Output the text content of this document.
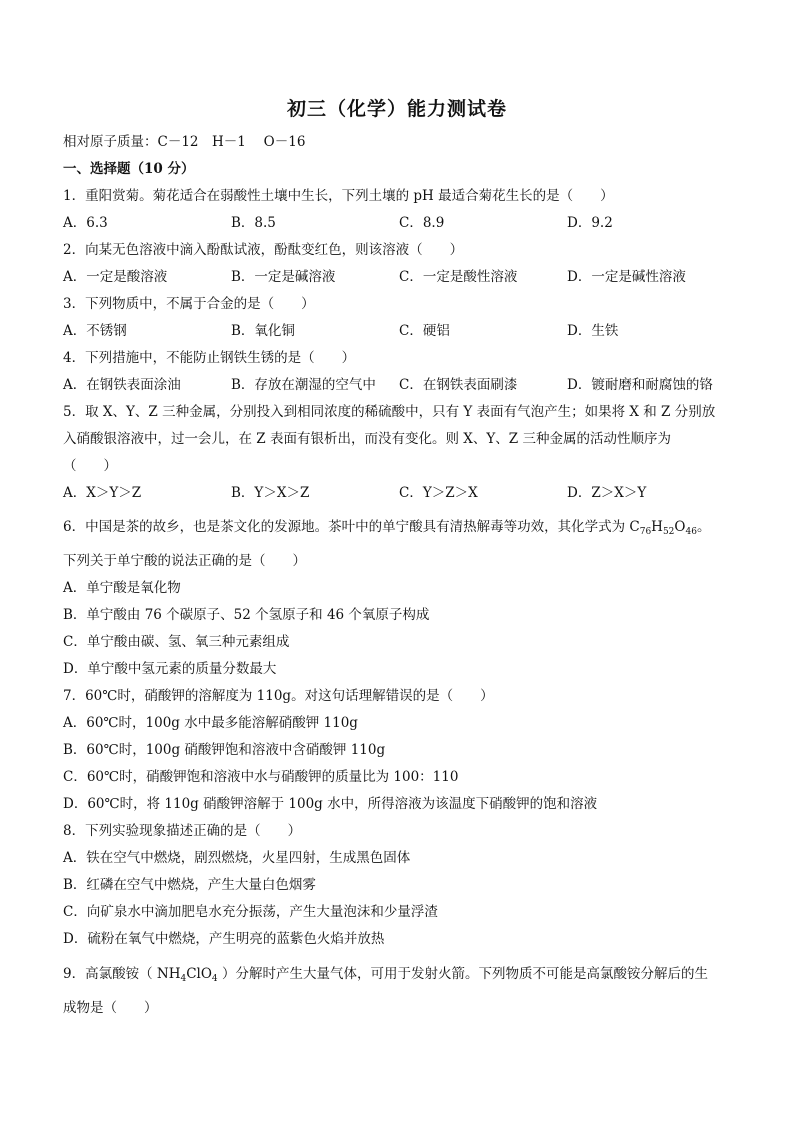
初三（化学）能力测试卷
相对原子质量：C－12　H－1　 O－16
一、选择题（10 分）
1．重阳赏菊。菊花适合在弱酸性土壤中生长，下列土壤的 pH 最适合菊花生长的是（　　）
A．6.3	B．8.5	C．8.9	D．9.2
2．向某无色溶液中滴入酚酞试液，酚酞变红色，则该溶液（　　）
A．一定是酸溶液	B．一定是碱溶液	C．一定是酸性溶液	D．一定是碱性溶液
3．下列物质中，不属于合金的是（　　）
A．不锈钢	B．氧化铜	C．硬铝	D．生铁
4．下列措施中，不能防止钢铁生锈的是（　　）
A．在钢铁表面涂油	B．存放在潮湿的空气中 C．在钢铁表面刷漆	D．镀耐磨和耐腐蚀的铬
5．取 X、Y、Z 三种金属，分别投入到相同浓度的稀硫酸中，只有 Y 表面有气泡产生；如果将 X 和 Z 分别放
入硝酸银溶液中，过一会儿，在 Z 表面有银析出，而没有变化。则 X、Y、Z 三种金属的活动性顺序为
（　　）
A．X＞Y＞Z	B．Y＞X＞Z	C．Y＞Z＞X	D．Z＞X＞Y
6．中国是茶的故乡，也是茶文化的发源地。茶叶中的单宁酸具有清热解毒等功效，其化学式为 $C_{76}H_{52}O_{46}$。
下列关于单宁酸的说法正确的是（　　）
A．单宁酸是氧化物
B．单宁酸由 76 个碳原子、52 个氢原子和 46 个氧原子构成
C．单宁酸由碳、氢、氧三种元素组成
D．单宁酸中氢元素的质量分数最大
7．60℃时，硝酸钾的溶解度为 110g。对这句话理解错误的是（　　）
A．60℃时，100g 水中最多能溶解硝酸钾 110g
B．60℃时，100g 硝酸钾饱和溶液中含硝酸钾 110g
C．60℃时，硝酸钾饱和溶液中水与硝酸钾的质量比为 100：110
D．60℃时，将 110g 硝酸钾溶解于 100g 水中，所得溶液为该温度下硝酸钾的饱和溶液
8．下列实验现象描述正确的是（　　）
A．铁在空气中燃烧，剧烈燃烧，火星四射，生成黑色固体
B．红磷在空气中燃烧，产生大量白色烟雾
C．向矿泉水中滴加肥皂水充分振荡，产生大量泡沫和少量浮渣
D．硫粉在氧气中燃烧，产生明亮的蓝紫色火焰并放热
9．高氯酸铵（ $NH_4ClO_4$ ）分解时产生大量气体，可用于发射火箭。下列物质不可能是高氯酸铵分解后的生
成物是（　　）
